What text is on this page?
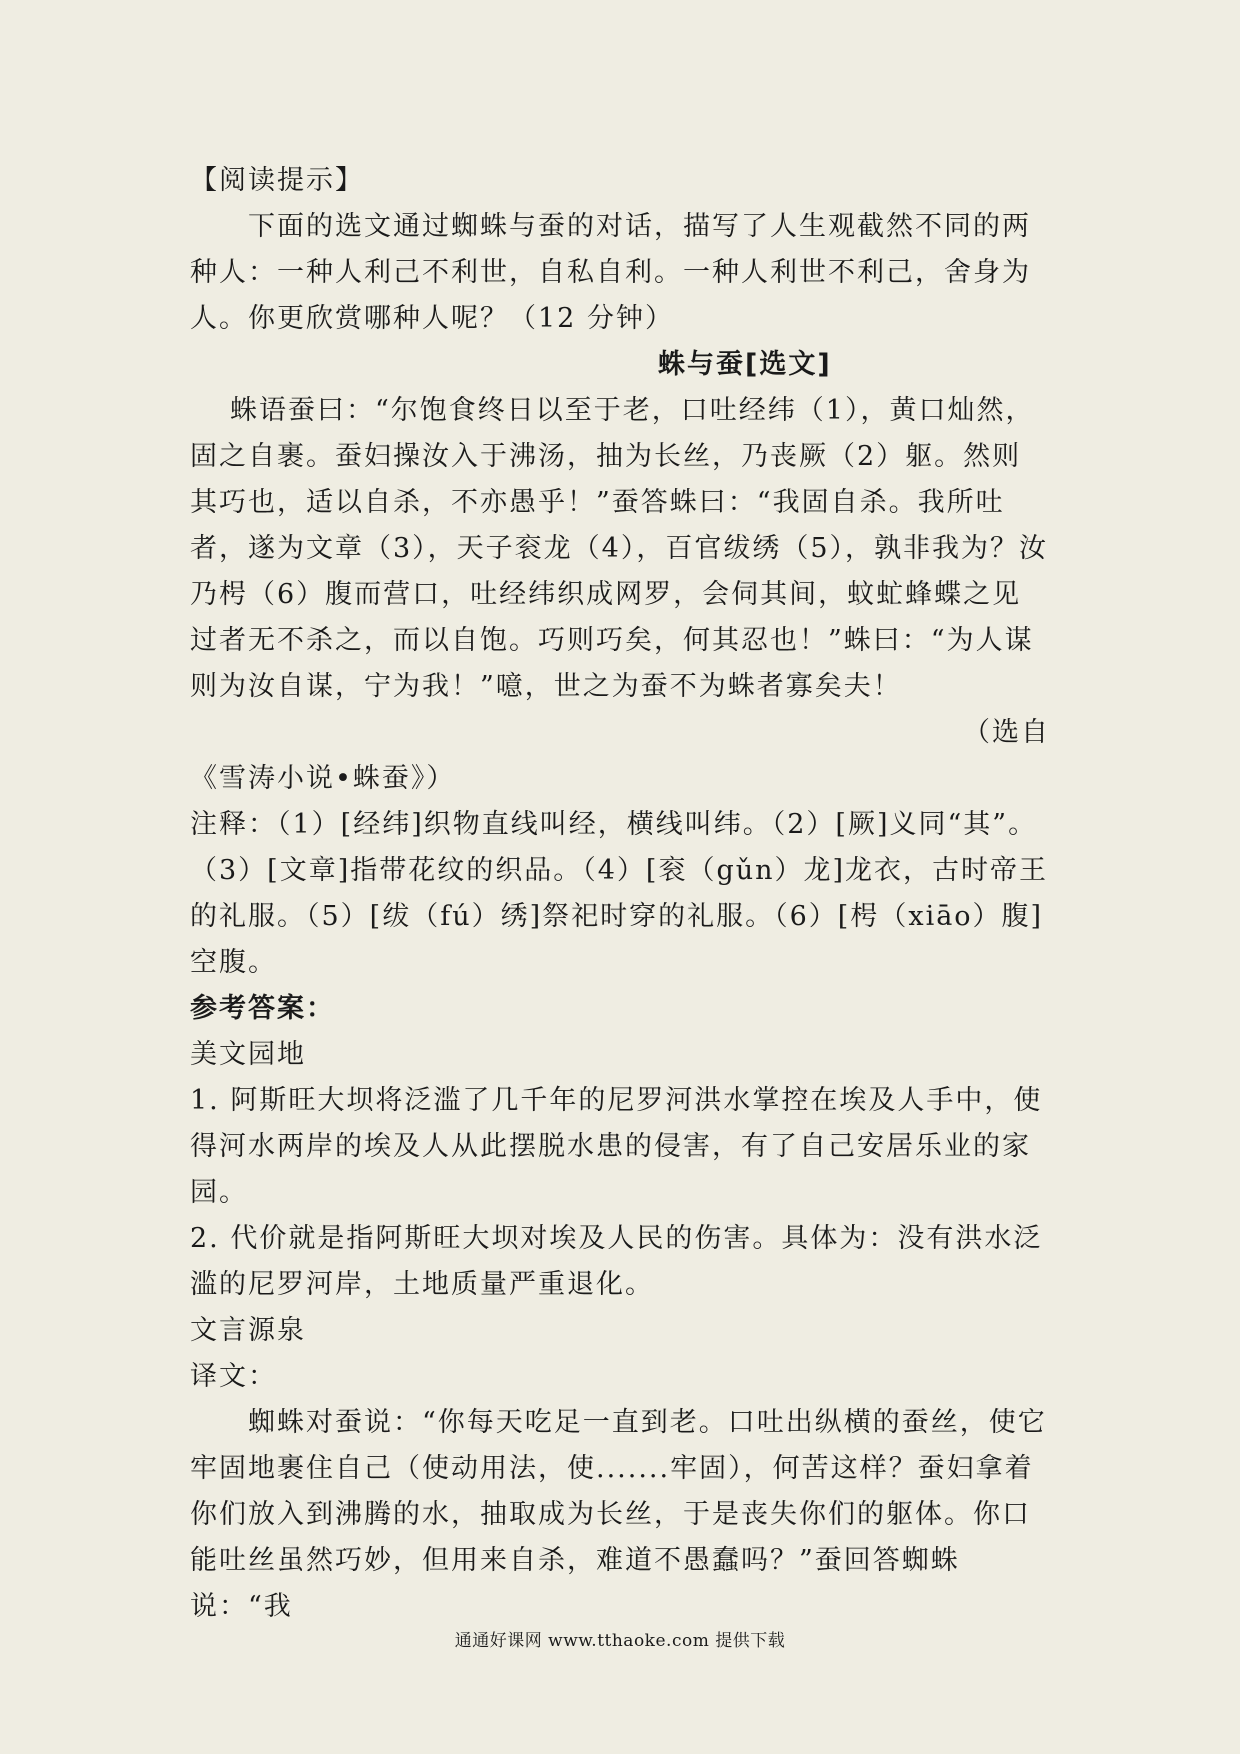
【阅读提示】

下面的选文通过蜘蛛与蚕的对话，描写了人生观截然不同的两种人：一种人利己不利世，自私自利。一种人利世不利己，舍身为人。你更欣赏哪种人呢？（12 分钟）

蛛与蚕[选文]

蛛语蚕曰：“尔饱食终日以至于老，口吐经纬（1），黄口灿然，固之自裹。蚕妇操汝入于沸汤，抽为长丝，乃丧厥（2）躯。然则其巧也，适以自杀，不亦愚乎！”蚕答蛛曰：“我固自杀。我所吐者，遂为文章（3），天子衮龙（4），百官绂绣（5），孰非我为？汝乃枵（6）腹而营口，吐经纬织成网罗，会伺其间，蚊虻蜂蝶之见过者无不杀之，而以自饱。巧则巧矣，何其忍也！”蛛曰：“为人谋则为汝自谋，宁为我！”噫，世之为蚕不为蛛者寡矣夫！

（选自

《雪涛小说•蛛蚕》）

注释：（1）[经纬]织物直线叫经，横线叫纬。（2）[厥]义同“其”。（3）[文章]指带花纹的织品。（4）[衮（gǔn）龙]龙衣，古时帝王的礼服。（5）[绂（fú）绣]祭祀时穿的礼服。（6）[枵（xiāo）腹]空腹。

参考答案：

美文园地

1. 阿斯旺大坝将泛滥了几千年的尼罗河洪水掌控在埃及人手中，使得河水两岸的埃及人从此摆脱水患的侵害，有了自己安居乐业的家园。

2. 代价就是指阿斯旺大坝对埃及人民的伤害。具体为：没有洪水泛滥的尼罗河岸，土地质量严重退化。

文言源泉

译文：

蜘蛛对蚕说：“你每天吃足一直到老。口吐出纵横的蚕丝，使它牢固地裹住自己（使动用法，使.......牢固），何苦这样？蚕妇拿着你们放入到沸腾的水，抽取成为长丝，于是丧失你们的躯体。你口能吐丝虽然巧妙，但用来自杀，难道不愚蠢吗？”蚕回答蜘蛛说：“我

通通好课网 www.tthaoke.com 提供下载
